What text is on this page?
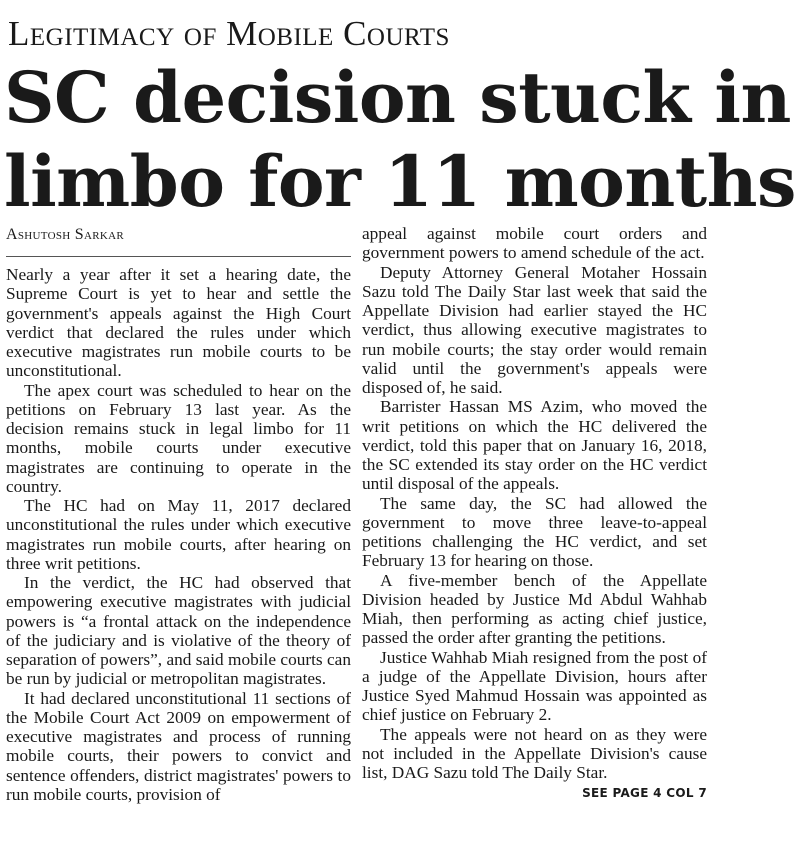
Legitimacy of Mobile Courts
SC decision stuck in
limbo for 11 months
Ashutosh Sarkar

Nearly a year after it set a hearing date, the Supreme Court is yet to hear and settle the government's appeals against the High Court verdict that declared the rules under which executive magistrates run mobile courts to be unconstitutional.

The apex court was scheduled to hear on the petitions on February 13 last year. As the decision remains stuck in legal limbo for 11 months, mobile courts under executive magistrates are continuing to operate in the country.

The HC had on May 11, 2017 declared unconstitutional the rules under which executive magistrates run mobile courts, after hearing on three writ petitions.

In the verdict, the HC had observed that empowering executive magistrates with judicial powers is “a frontal attack on the independence of the judiciary and is violative of the theory of separation of powers”, and said mobile courts can be run by judicial or metropolitan magistrates.

It had declared unconstitutional 11 sections of the Mobile Court Act 2009 on empowerment of executive magistrates and process of running mobile courts, their powers to convict and sentence offenders, district magistrates' powers to run mobile courts, provision of

appeal against mobile court orders and government powers to amend schedule of the act.

Deputy Attorney General Motaher Hossain Sazu told The Daily Star last week that said the Appellate Division had earlier stayed the HC verdict, thus allowing executive magistrates to run mobile courts; the stay order would remain valid until the government's appeals were disposed of, he said.

Barrister Hassan MS Azim, who moved the writ petitions on which the HC delivered the verdict, told this paper that on January 16, 2018, the SC extended its stay order on the HC verdict until disposal of the appeals.

The same day, the SC had allowed the government to move three leave-to-appeal petitions challenging the HC verdict, and set February 13 for hearing on those.

A five-member bench of the Appellate Division headed by Justice Md Abdul Wahhab Miah, then performing as acting chief justice, passed the order after granting the petitions.

Justice Wahhab Miah resigned from the post of a judge of the Appellate Division, hours after Justice Syed Mahmud Hossain was appointed as chief justice on February 2.

The appeals were not heard on as they were not included in the Appellate Division's cause list, DAG Sazu told The Daily Star.

SEE PAGE 4 COL 7
